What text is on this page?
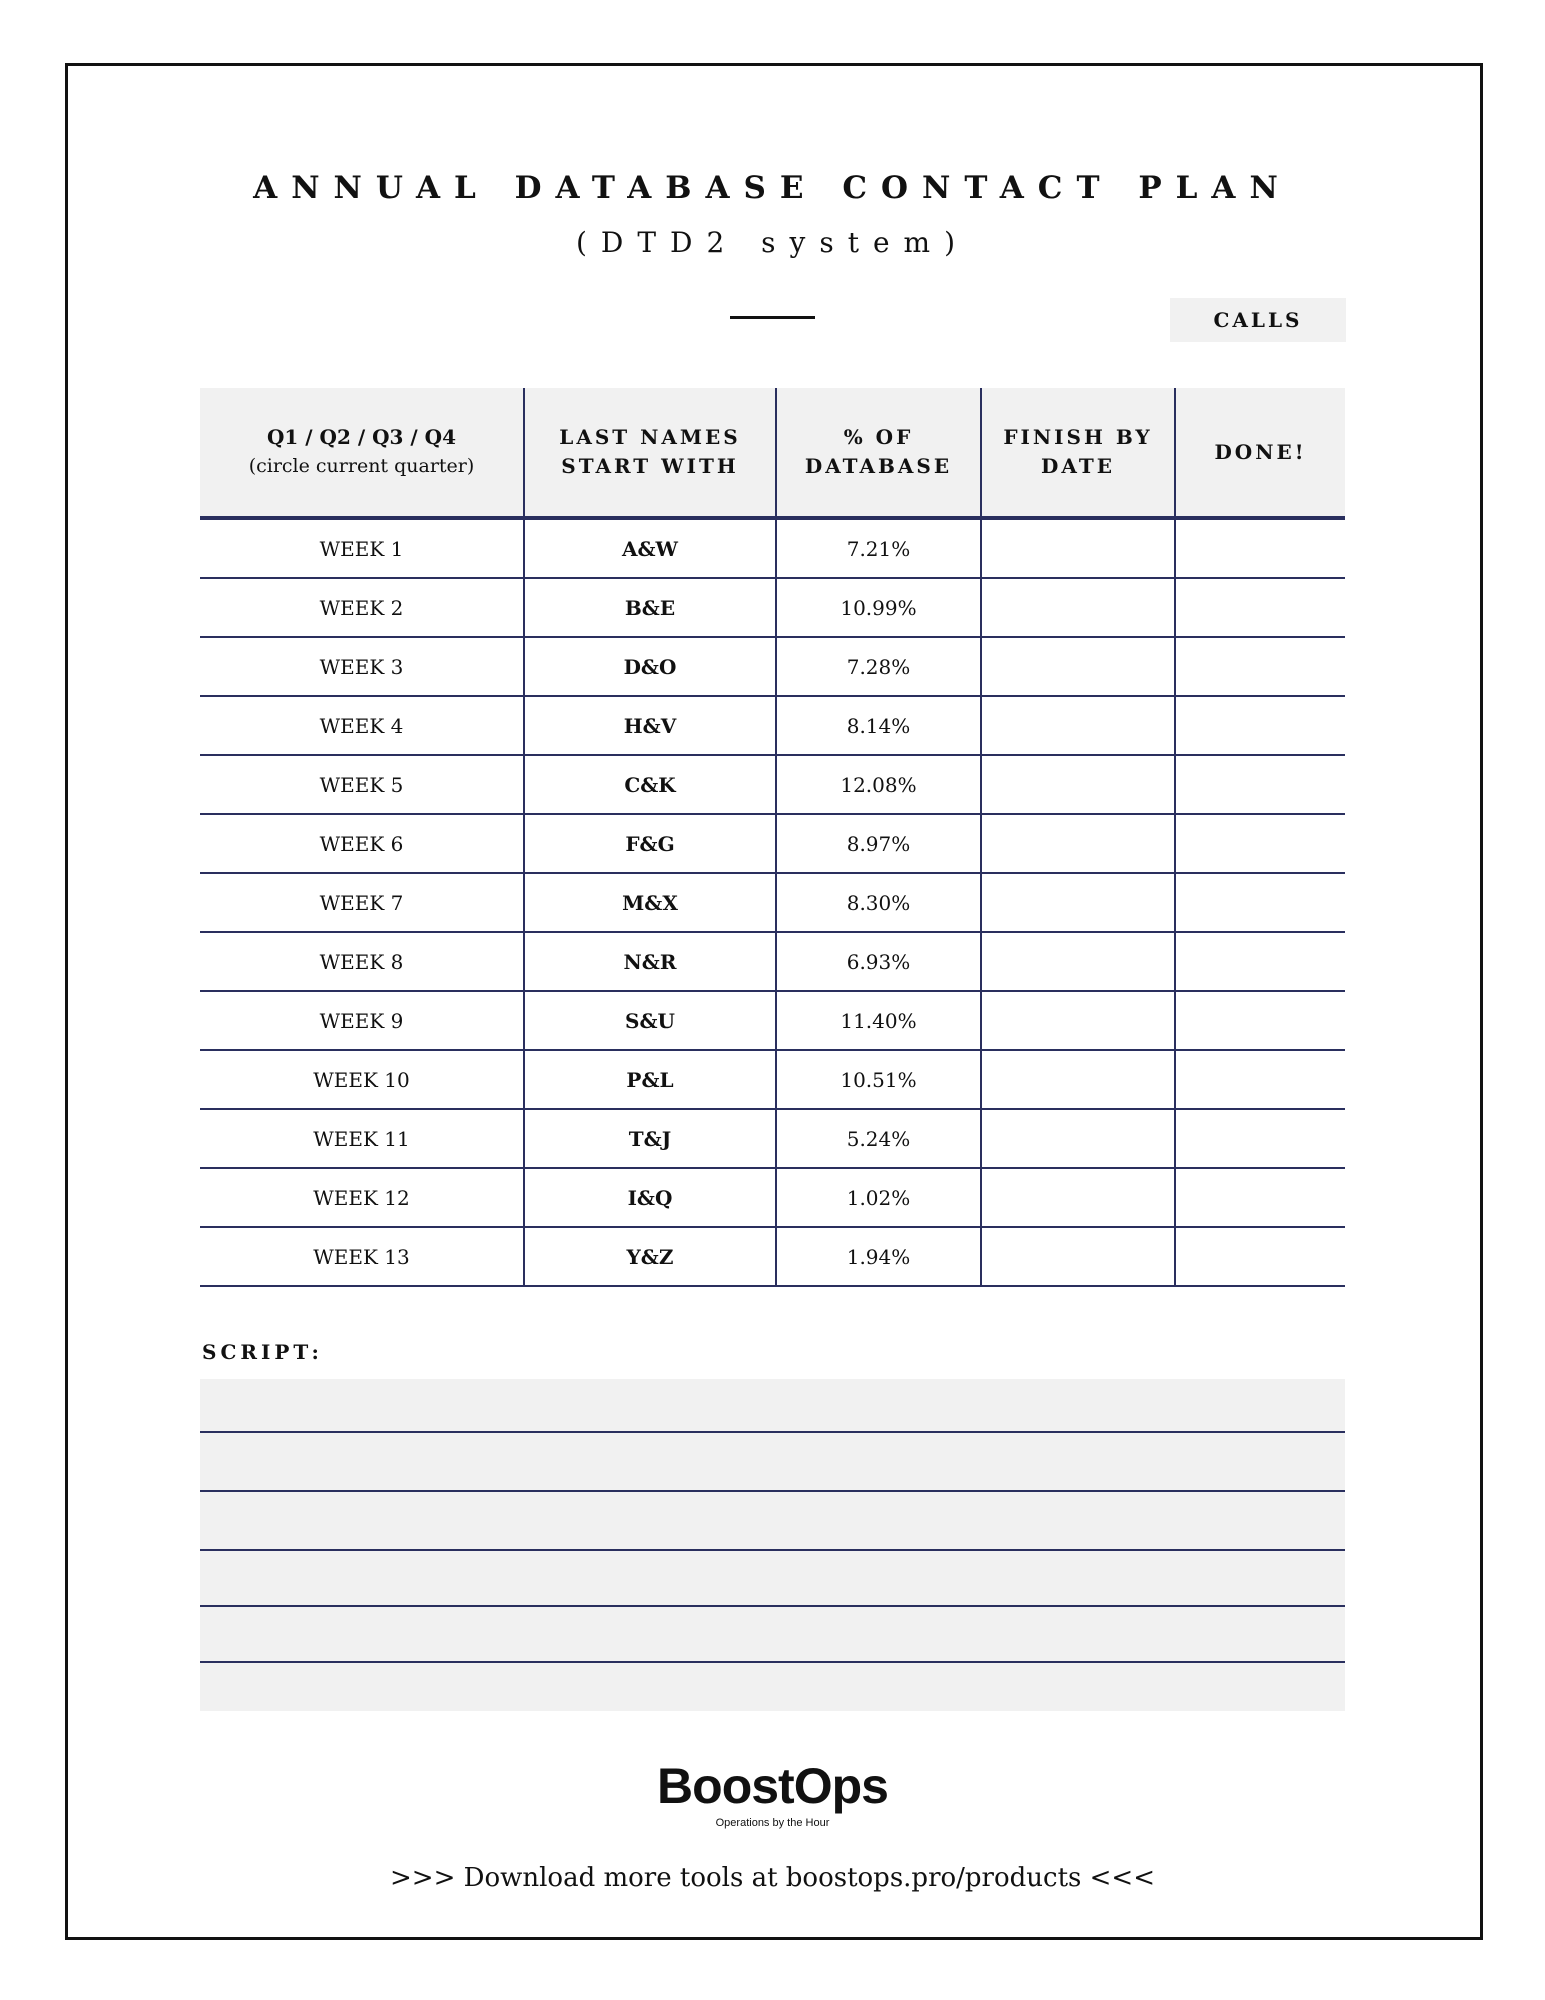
ANNUAL DATABASE CONTACT PLAN
(DTD2 system)
CALLS
Q1 / Q2 / Q3 / Q4
(circle current quarter)	LAST NAMES START WITH	% OF DATABASE	FINISH BY DATE	DONE!
WEEK 1	A&W	7.21%		
WEEK 2	B&E	10.99%		
WEEK 3	D&O	7.28%		
WEEK 4	H&V	8.14%		
WEEK 5	C&K	12.08%		
WEEK 6	F&G	8.97%		
WEEK 7	M&X	8.30%		
WEEK 8	N&R	6.93%		
WEEK 9	S&U	11.40%		
WEEK 10	P&L	10.51%		
WEEK 11	T&J	5.24%		
WEEK 12	I&Q	1.02%		
WEEK 13	Y&Z	1.94%		
SCRIPT:
BoostOps
Operations by the Hour
>>> Download more tools at boostops.pro/products <<<
